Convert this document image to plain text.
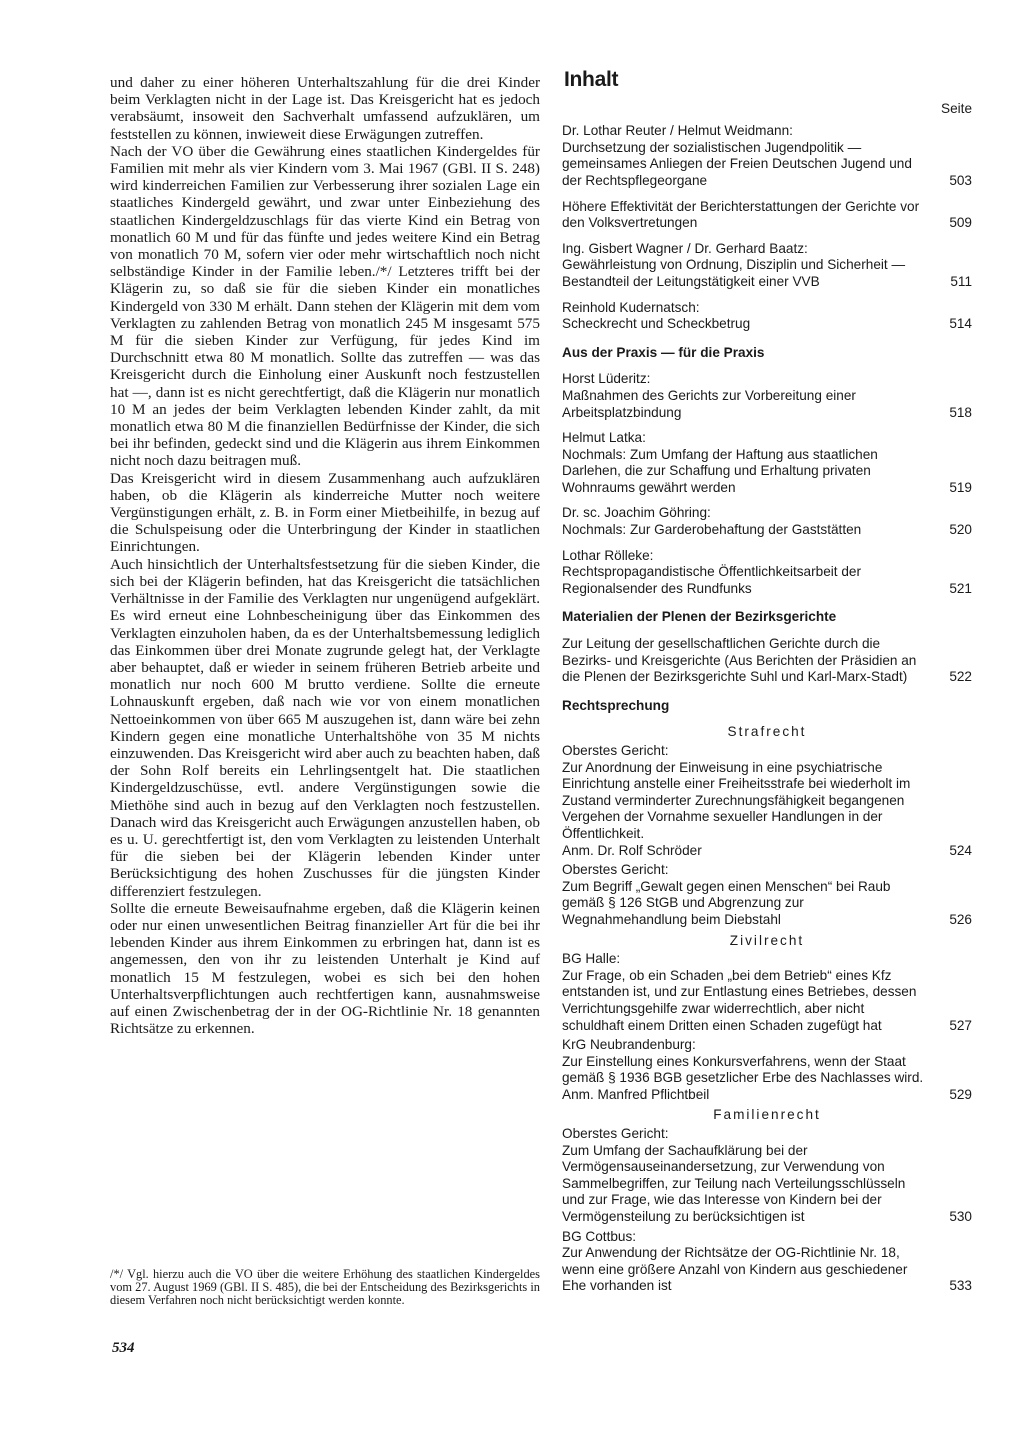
und daher zu einer höheren Unterhaltszahlung für die drei Kinder beim Verklagten nicht in der Lage ist. Das Kreisgericht hat es jedoch verabsäumt, insoweit den Sachverhalt umfassend aufzuklären, um feststellen zu können, inwieweit diese Erwägungen zutreffen.

Nach der VO über die Gewährung eines staatlichen Kindergeldes für Familien mit mehr als vier Kindern vom 3. Mai 1967 (GBl. II S. 248) wird kinderreichen Familien zur Verbesserung ihrer sozialen Lage ein staatliches Kindergeld gewährt, und zwar unter Einbeziehung des staatlichen Kindergeldzuschlags für das vierte Kind ein Betrag von monatlich 60 M und für das fünfte und jedes weitere Kind ein Betrag von monatlich 70 M, sofern vier oder mehr wirtschaftlich noch nicht selbständige Kinder in der Familie leben./*/ Letzteres trifft bei der Klägerin zu, so daß sie für die sieben Kinder ein monatliches Kindergeld von 330 M erhält. Dann stehen der Klägerin mit dem vom Verklagten zu zahlenden Betrag von monatlich 245 M insgesamt 575 M für die sieben Kinder zur Verfügung, für jedes Kind im Durchschnitt etwa 80 M monatlich. Sollte das zutreffen — was das Kreisgericht durch die Einholung einer Auskunft noch festzustellen hat —, dann ist es nicht gerechtfertigt, daß die Klägerin nur monatlich 10 M an jedes der beim Verklagten lebenden Kinder zahlt, da mit monatlich etwa 80 M die finanziellen Bedürfnisse der Kinder, die sich bei ihr befinden, gedeckt sind und die Klägerin aus ihrem Einkommen nicht noch dazu beitragen muß.

Das Kreisgericht wird in diesem Zusammenhang auch aufzuklären haben, ob die Klägerin als kinderreiche Mutter noch weitere Vergünstigungen erhält, z. B. in Form einer Mietbeihilfe, in bezug auf die Schulspeisung oder die Unterbringung der Kinder in staatlichen Einrichtungen.

Auch hinsichtlich der Unterhaltsfestsetzung für die sieben Kinder, die sich bei der Klägerin befinden, hat das Kreisgericht die tatsächlichen Verhältnisse in der Familie des Verklagten nur ungenügend aufgeklärt. Es wird erneut eine Lohnbescheinigung über das Einkommen des Verklagten einzuholen haben, da es der Unterhaltsbemessung lediglich das Einkommen über drei Monate zugrunde gelegt hat, der Verklagte aber behauptet, daß er wieder in seinem früheren Betrieb arbeite und monatlich nur noch 600 M brutto verdiene. Sollte die erneute Lohnauskunft ergeben, daß nach wie vor von einem monatlichen Nettoeinkommen von über 665 M auszugehen ist, dann wäre bei zehn Kindern gegen eine monatliche Unterhaltshöhe von 35 M nichts einzuwenden. Das Kreisgericht wird aber auch zu beachten haben, daß der Sohn Rolf bereits ein Lehrlingsentgelt hat. Die staatlichen Kindergeldzuschüsse, evtl. andere Vergünstigungen sowie die Miethöhe sind auch in bezug auf den Verklagten noch festzustellen. Danach wird das Kreisgericht auch Erwägungen anzustellen haben, ob es u. U. gerechtfertigt ist, den vom Verklagten zu leistenden Unterhalt für die sieben bei der Klägerin lebenden Kinder unter Berücksichtigung des hohen Zuschusses für die jüngsten Kinder differenziert festzulegen.

Sollte die erneute Beweisaufnahme ergeben, daß die Klägerin keinen oder nur einen unwesentlichen Beitrag finanzieller Art für die bei ihr lebenden Kinder aus ihrem Einkommen zu erbringen hat, dann ist es angemessen, den von ihr zu leistenden Unterhalt je Kind auf monatlich 15 M festzulegen, wobei es sich bei den hohen Unterhaltsverpflichtungen auch rechtfertigen kann, ausnahmsweise auf einen Zwischenbetrag der in der OG-Richtlinie Nr. 18 genannten Richtsätze zu erkennen.

/*/ Vgl. hierzu auch die VO über die weitere Erhöhung des staatlichen Kindergeldes vom 27. August 1969 (GBl. II S. 485), die bei der Entscheidung des Bezirksgerichts in diesem Verfahren noch nicht berücksichtigt werden konnte.
534
Inhalt
Seite
Dr. Lothar Reuter / Helmut Weidmann:
Durchsetzung der sozialistischen Jugendpolitik — gemeinsames Anliegen der Freien Deutschen Jugend und der Rechtspflegeorgane	503
Höhere Effektivität der Berichterstattungen der Gerichte vor den Volksvertretungen	509
Ing. Gisbert Wagner / Dr. Gerhard Baatz:
Gewährleistung von Ordnung, Disziplin und Sicherheit — Bestandteil der Leitungstätigkeit einer VVB	511
Reinhold Kudernatsch:
Scheckrecht und Scheckbetrug	514
Aus der Praxis — für die Praxis
Horst Lüderitz:
Maßnahmen des Gerichts zur Vorbereitung einer Arbeitsplatzbindung	518
Helmut Latka:
Nochmals: Zum Umfang der Haftung aus staatlichen Darlehen, die zur Schaffung und Erhaltung privaten Wohnraums gewährt werden	519
Dr. sc. Joachim Göhring:
Nochmals: Zur Garderobehaftung der Gaststätten	520
Lothar Rölleke:
Rechtspropagandistische Öffentlichkeitsarbeit der Regionalsender des Rundfunks	521
Materialien der Plenen der Bezirksgerichte
Zur Leitung der gesellschaftlichen Gerichte durch die Bezirks- und Kreisgerichte (Aus Berichten der Präsidien an die Plenen der Bezirksgerichte Suhl und Karl-Marx-Stadt)	522
Rechtsprechung
Strafrecht
Oberstes Gericht:
Zur Anordnung der Einweisung in eine psychiatrische Einrichtung anstelle einer Freiheitsstrafe bei wiederholt im Zustand verminderter Zurechnungsfähigkeit begangenen Vergehen der Vornahme sexueller Handlungen in der Öffentlichkeit.
Anm. Dr. Rolf Schröder	524
Oberstes Gericht:
Zum Begriff „Gewalt gegen einen Menschen“ bei Raub gemäß § 126 StGB und Abgrenzung zur Wegnahmehandlung beim Diebstahl	526
Zivilrecht
BG Halle:
Zur Frage, ob ein Schaden „bei dem Betrieb“ eines Kfz entstanden ist, und zur Entlastung eines Betriebes, dessen Verrichtungsgehilfe zwar widerrechtlich, aber nicht schuldhaft einem Dritten einen Schaden zugefügt hat	527
KrG Neubrandenburg:
Zur Einstellung eines Konkursverfahrens, wenn der Staat gemäß § 1936 BGB gesetzlicher Erbe des Nachlasses wird.
Anm. Manfred Pflichtbeil	529
Familienrecht
Oberstes Gericht:
Zum Umfang der Sachaufklärung bei der Vermögensauseinandersetzung, zur Verwendung von Sammelbegriffen, zur Teilung nach Verteilungsschlüsseln und zur Frage, wie das Interesse von Kindern bei der Vermögensteilung zu berücksichtigen ist	530
BG Cottbus:
Zur Anwendung der Richtsätze der OG-Richtlinie Nr. 18, wenn eine größere Anzahl von Kindern aus geschiedener Ehe vorhanden ist	533
